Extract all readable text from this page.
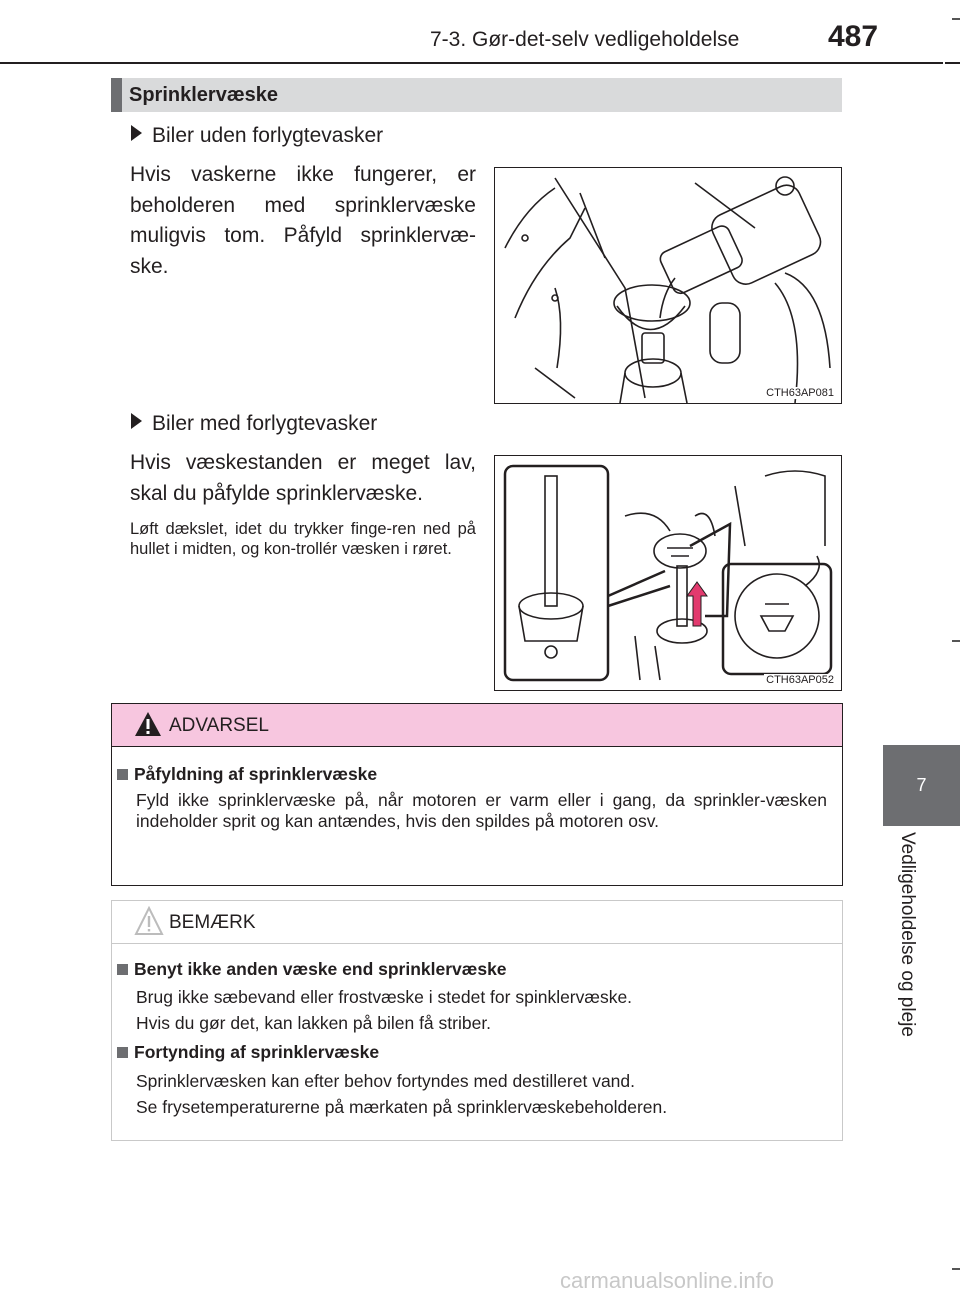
7-3. Gør-det-selv vedligeholdelse	487
7
Vedligeholdelse og pleje
Sprinklervæske
Biler uden forlygtevasker
Hvis vaskerne ikke fungerer, er beholderen med sprinklervæske muligvis tom. Påfyld sprinklervæ-ske.
CTH63AP081
Biler med forlygtevasker
Hvis væskestanden er meget lav, skal du påfylde sprinklervæske.
Løft dækslet, idet du trykker finge-ren ned på hullet i midten, og kon-trollér væsken i røret.
CTH63AP052
ADVARSEL
Påfyldning af sprinklervæske
Fyld ikke sprinklervæske på, når motoren er varm eller i gang, da sprinkler-væsken indeholder sprit og kan antændes, hvis den spildes på motoren osv.
BEMÆRK
Benyt ikke anden væske end sprinklervæske
Brug ikke sæbevand eller frostvæske i stedet for spinklervæske.
Hvis du gør det, kan lakken på bilen få striber.
Fortynding af sprinklervæske
Sprinklervæsken kan efter behov fortyndes med destilleret vand.
Se frysetemperaturerne på mærkaten på sprinklervæskebeholderen.
carmanualsonline.info
